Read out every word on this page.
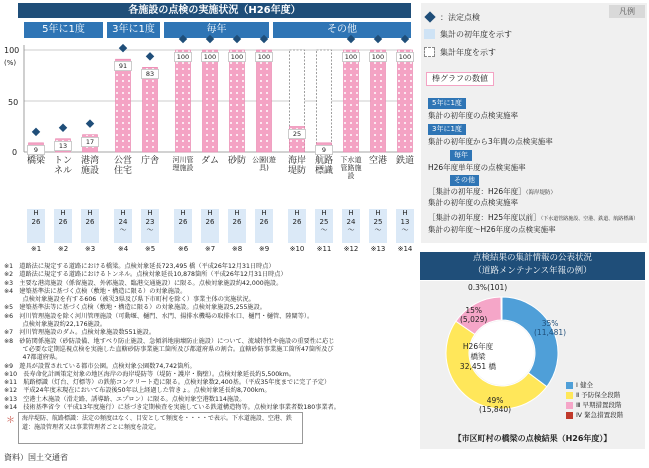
各施設の点検の実施状況（H26年度）
5年に1度	3年に1度	毎年	その他
(%)
100
50
0	9
橋梁
H
26
※1
13
トンネル
H
26
※2
17
港湾施設
H
26
※3
91
公営住宅
H
24
〜
※4
83
庁舎
H
23
〜
※5
100
河川管理施設
H
26
※6
100
ダム
H
26
※7
100
砂防
H
26
※8
100
公園(遊具)
H
26
※9
25
海岸堤防
H
26
※10
9
航路標識
H
25
〜
※11
100
下水道管路施設
H
24
〜
※12
100
空港
H
25
〜
※13
100
鉄道
H
13
〜
※14
凡例
：法定点検
集計の初年度を示す
集計年度を示す
棒グラフの数値
5年に1度
集計の初年度の点検実施率
3年に1度
集計の初年度から3年間の点検実施率
毎年
H26年度単年度の点検実施率
その他
［集計の初年度：H26年度］（海岸堤防）
集計の初年度の点検実施率
［集計の初年度：H25年度以前］（下水道管路施設、空港、鉄道、航路標識）
集計の初年度〜H26年度の点検実施率
点検結果の集計情報の公表状況
（道路メンテナンス年報の例）
H26年度
橋梁
32,451 橋
0.3%(101)
35%
(11,481)
49%
(15,840)
15%
(5,029)
Ⅰ 健全
Ⅱ 予防保全段階
Ⅲ 早期措置段階
Ⅳ 緊急措置段階
【市区町村の橋梁の点検結果（H26年度）】
※1　道路法に規定する道路における橋梁。点検対象延長723,495 橋（平成26年12月31日時点）
※2　道路法に規定する道路におけるトンネル。点検対象延長10,878箇所（平成26年12月31日時点）
※3　主要な港湾施設（係留施設、外郭施設、臨港交通施設）に限る。点検対象施設約42,000施設。
※4　建築基準法に基づく点検（敷地・構造に限る）の対象施設。
　　　点検対象施設を有する606（被災3県及び県下市町村を除く）事業主体の実施状況。
※5　建築基準法等に基づく点検（敷地・構造に限る）の対象施設。点検対象施設5,255施設。
※6　河川管理施設を除く河川管理施設（可動堰、樋門、水門、揚排水機場の取排水口、樋門・樋管、陸閘等）。
　　　点検対象施設約22,176施設。
※7　河川管理施設のダム。点検対象施設数551施設。
※8　砂防関係施設（砂防設備、地すべり防止施設、急傾斜地崩壊防止施設）について、流域特性や施設の重要性に応じ
　　　て必要な定期巡視点検を実施した直轄砂防事業施工箇所及び都道府県の割合。直轄砂防事業施工箇所47箇所及び
　　　47都道府県。
※9　遊具が設置されている都市公園。点検対象公園数74,742箇所。
※10　長寿命化計画策定対象の地区海岸の海岸堤防等（堤防・護岸・胸壁）。点検対象延長約5,500km。
※11　航路標識（灯台、灯標等）の鉄筋コンクリート造に限る。点検対象数2,400基。（平成35年度までに完了予定）
※12　平成24年度末現在において布設後50年以上経過した管きょ。点検対象延長約8,700km。
※13　空港土木施設（滑走路、誘導路、エプロン）に限る。点検対象空港数114施設。
※14　技術基準省令（平成13年度施行）に基づき定期検査を実施している鉄道構造物等。点検対象事業者数180事業者。
＊	海岸堤防、航路標識：法定の頻度はなく、目安として頻度を・・・・で表示。下水道施設、空港、鉄道：施設管理者又は事業管理者ごとに頻度を設定。
資料）国土交通省
